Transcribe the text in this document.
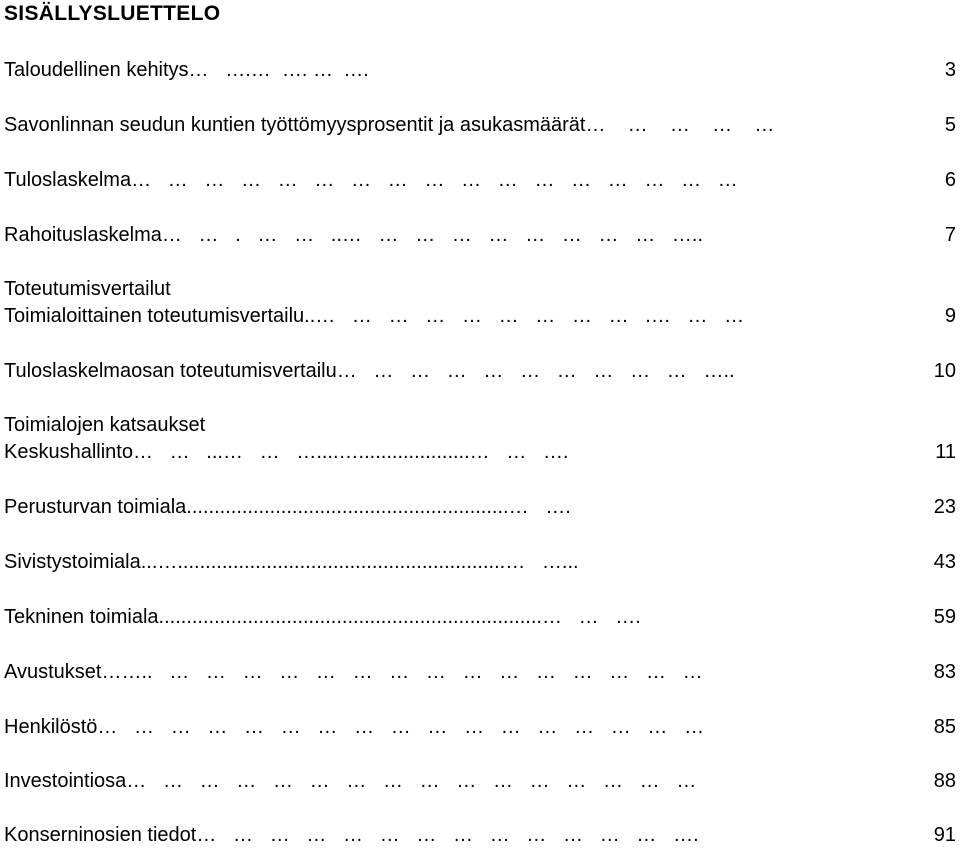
SISÄLLYSLUETTELO
Taloudellinen kehitys…   ….…  …. …  .…	3
Savonlinnan seudun kuntien työttömyysprosentit ja asukasmäärät…    …    …    …    …	5
Tuloslaskelma…   …   …   …   …   …   …   …   …   …   …   …   …   …   …   …   …	6
Rahoituslaskelma…   …   .   …   …   ..…   …   …   …   …   …   …   …   …   …..	7
Toteutumisvertailut
Toimialoittainen toteutumisvertailu..…   …   …   …   …   …   …   …   …   .…   …   …	9
Tuloslaskelmaosan toteutumisvertailu…   …   …   …   …   …   …   …   …   …   …..	10
Toimialojen katsaukset
Keskushallinto…   …   ...…   …   …....…....................…   …   ….	11
Perusturvan toimiala..........................................................…   ….	23
Sivistystoimiala...…...........................................................…   …...	43
Tekninen toimiala.....................................................................…   …   ….	59
Avustukset……..   …   …   …   …   …   …   …   …   …   …   …   …   …   …   …	83
Henkilöstö…   …   …   …   …   …   …   …   …   …   …   …   …   …   …   …   …	85
Investointiosa…   …   …   …   …   …   …   …   …   …   …   …   …   …   …   …	88
Konserninosien tiedot…   …   …   …   …   …   …   …   …   …   …   …   …   ….	91
